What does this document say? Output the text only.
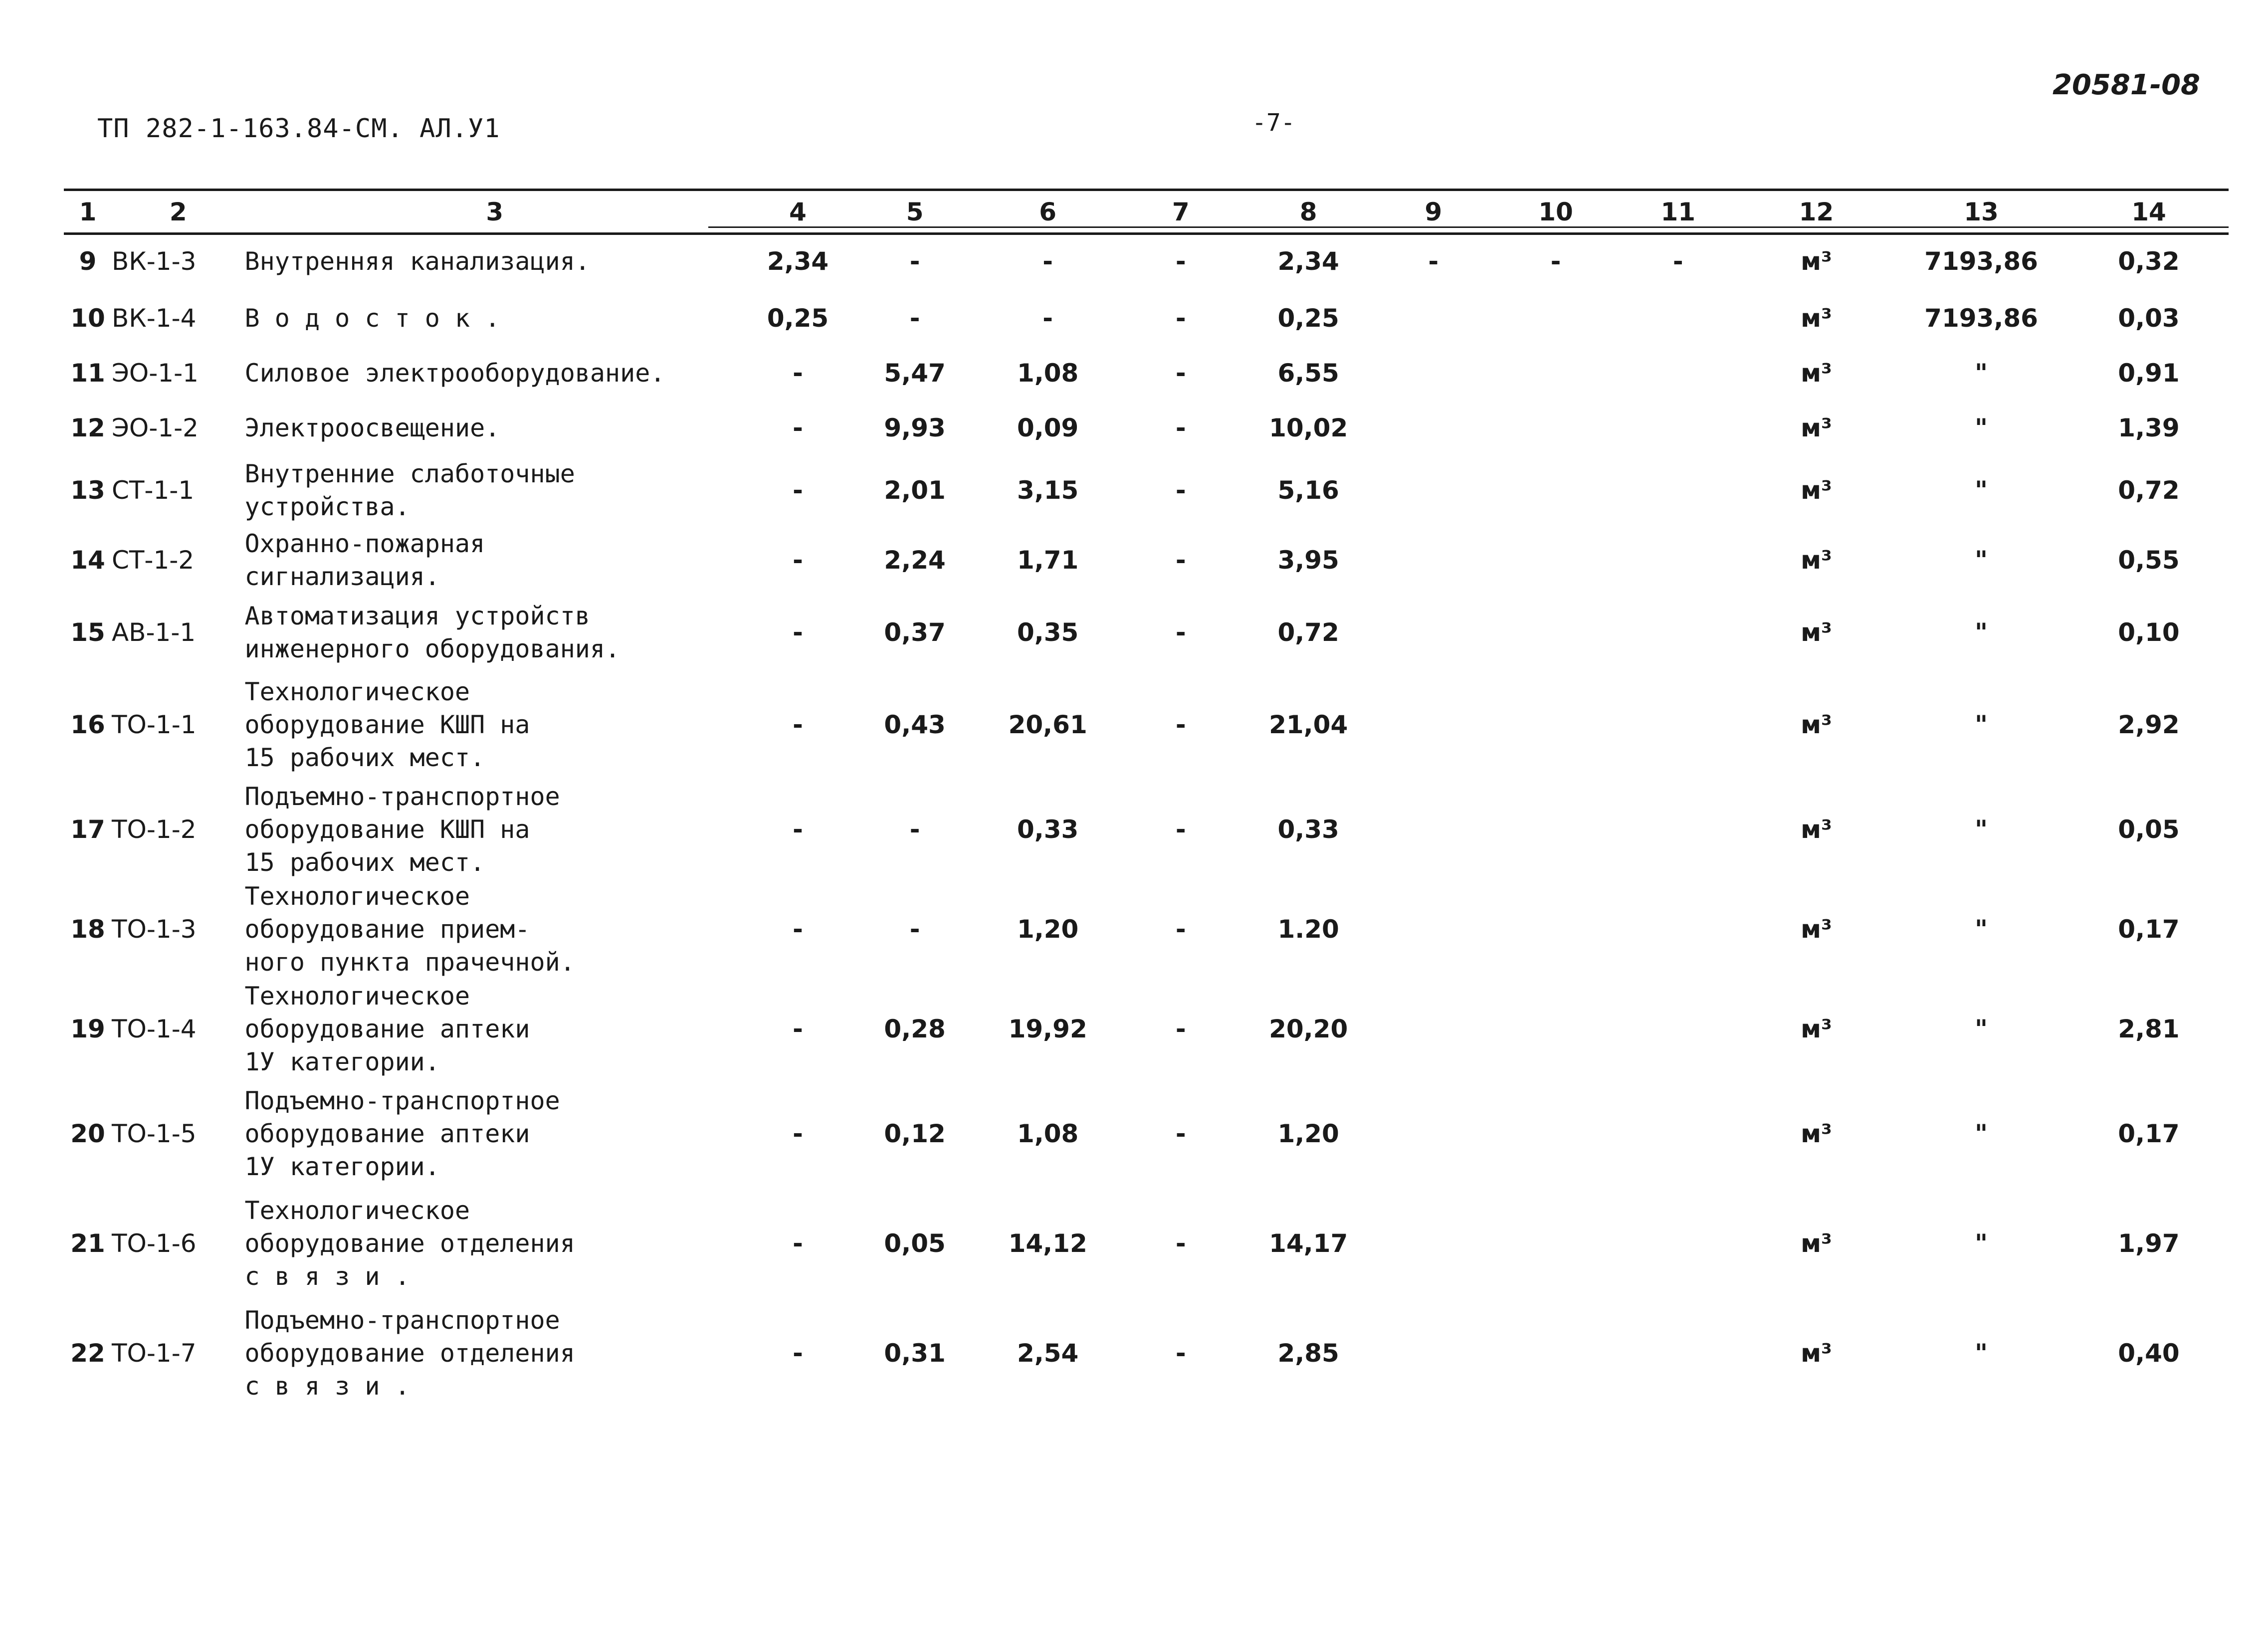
ТП 282-1-163.84-СМ. АЛ.У1	-7-
20581-08
1	2	3	4	5	6	7	8	9	10	11	12	13	14
9	ВК-1-3	Внутренняя канализация.	2,34	-	-	-	2,34	-	-	-	м³	7193,86	0,32
10	ВК-1-4	В о д о с т о к .	0,25	-	-	-	0,25				м³	7193,86	0,03
11	ЭО-1-1	Силовое электрооборудование.	-	5,47	1,08	-	6,55				м³	"	0,91
12	ЭО-1-2	Электроосвещение.	-	9,93	0,09	-	10,02				м³	"	1,39
13	СТ-1-1	Внутренние слаботочные
устройства.	-	2,01	3,15	-	5,16				м³	"	0,72
14	СТ-1-2	Охранно-пожарная
сигнализация.	-	2,24	1,71	-	3,95				м³	"	0,55
15	АВ-1-1	Автоматизация устройств
инженерного оборудования.	-	0,37	0,35	-	0,72				м³	"	0,10
16	ТО-1-1	Технологическое
оборудование КШП на
15 рабочих мест.	-	0,43	20,61	-	21,04				м³	"	2,92
17	ТО-1-2	Подъемно-транспортное
оборудование КШП на
15 рабочих мест.	-	-	0,33	-	0,33				м³	"	0,05
18	ТО-1-3	Технологическое
оборудование прием-
ного пункта прачечной.	-	-	1,20	-	1.20				м³	"	0,17
19	ТО-1-4	Технологическое
оборудование аптеки
1У категории.	-	0,28	19,92	-	20,20				м³	"	2,81
20	ТО-1-5	Подъемно-транспортное
оборудование аптеки
1У категории.	-	0,12	1,08	-	1,20				м³	"	0,17
21	ТО-1-6	Технологическое
оборудование отделения
с в я з и .	-	0,05	14,12	-	14,17				м³	"	1,97
22	ТО-1-7	Подъемно-транспортное
оборудование отделения
с в я з и .	-	0,31	2,54	-	2,85				м³	"	0,40
